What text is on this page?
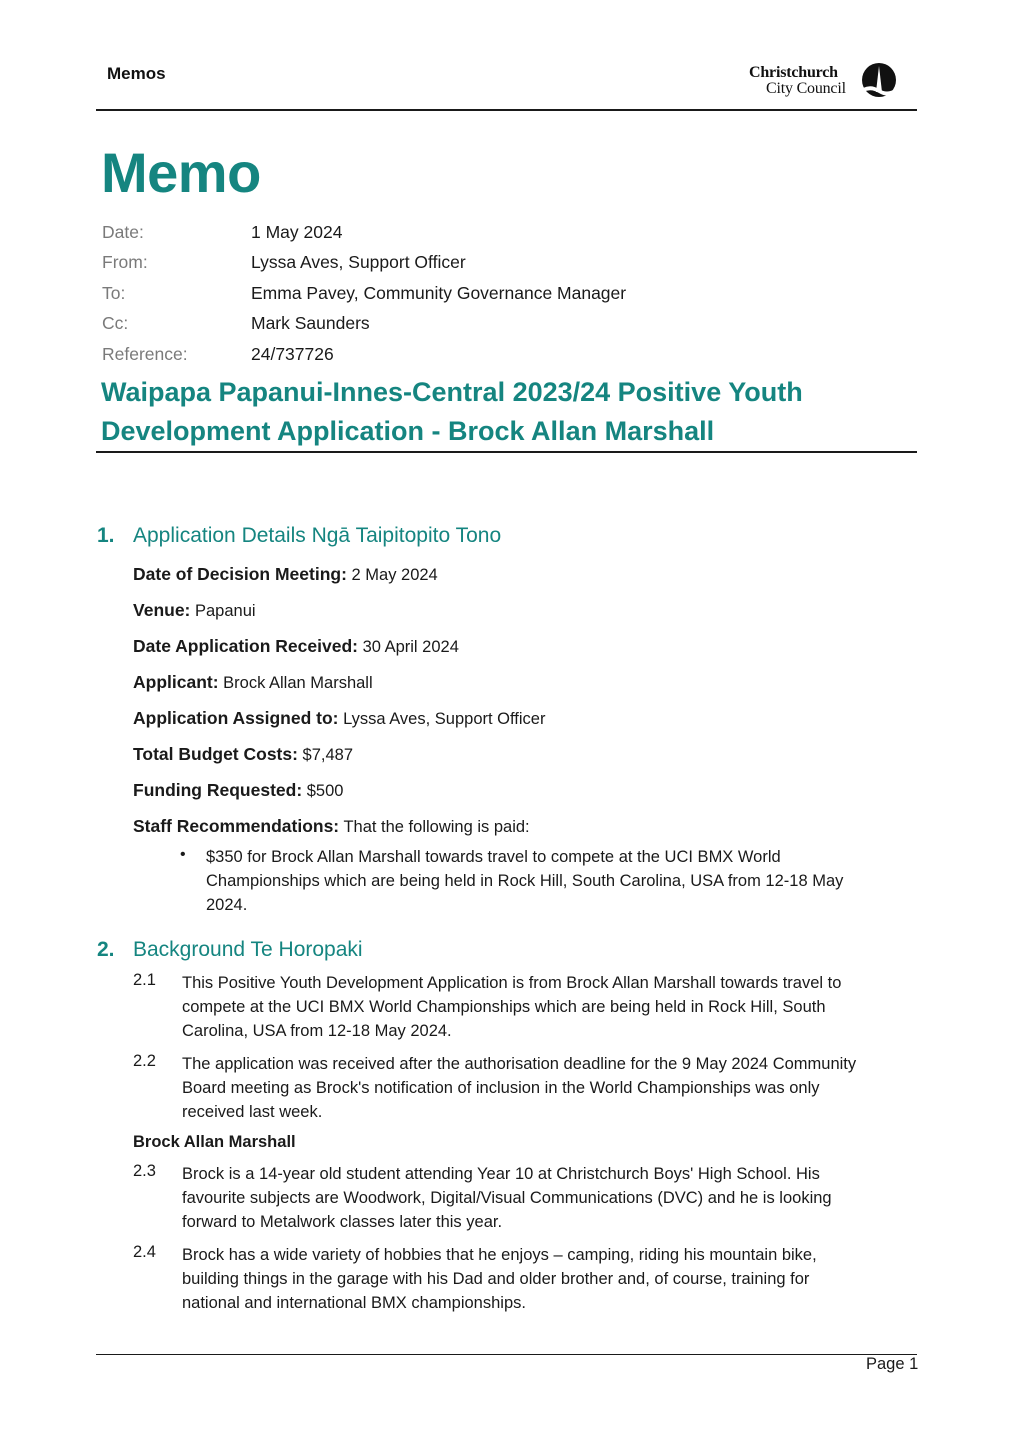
Memos	Christchurch
City Council
Memo
Date:	1 May 2024
From:	Lyssa Aves, Support Officer
To:	Emma Pavey, Community Governance Manager
Cc:	Mark Saunders
Reference:	24/737726
Waipapa Papanui-Innes-Central 2023/24 Positive Youth
Development Application - Brock Allan Marshall
1. Application Details Ngā Taipitopito Tono
Date of Decision Meeting: 2 May 2024
Venue: Papanui
Date Application Received: 30 April 2024
Applicant: Brock Allan Marshall
Application Assigned to: Lyssa Aves, Support Officer
Total Budget Costs: $7,487
Funding Requested: $500
Staff Recommendations: That the following is paid:
• $350 for Brock Allan Marshall towards travel to compete at the UCI BMX World
Championships which are being held in Rock Hill, South Carolina, USA from 12-18 May
2024.
2. Background Te Horopaki
2.1 This Positive Youth Development Application is from Brock Allan Marshall towards travel to
compete at the UCI BMX World Championships which are being held in Rock Hill, South
Carolina, USA from 12-18 May 2024.
2.2 The application was received after the authorisation deadline for the 9 May 2024 Community
Board meeting as Brock's notification of inclusion in the World Championships was only
received last week.
Brock Allan Marshall
2.3 Brock is a 14-year old student attending Year 10 at Christchurch Boys' High School. His
favourite subjects are Woodwork, Digital/Visual Communications (DVC) and he is looking
forward to Metalwork classes later this year.
2.4 Brock has a wide variety of hobbies that he enjoys – camping, riding his mountain bike,
building things in the garage with his Dad and older brother and, of course, training for
national and international BMX championships.
Page 1
